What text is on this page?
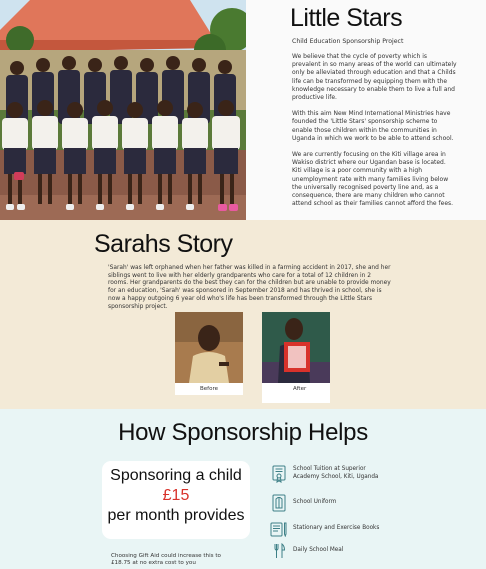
Little Stars
Child Education Sponsorship Project

We believe that the cycle of poverty which is prevalent in so many areas of the world can ultimately only be alleviated through education and that a Childs life can be transformed by equipping them with the knowledge necessary to enable them to live a full and productive life.

With this aim New Mind International Ministries have founded the 'Little Stars' sponsorship scheme to enable those children within the communities in Uganda in which we work to be able to attend school.

We are currently focusing on the Kiti village area in Wakiso district where our Ugandan base is located. Kiti village is a poor community with a high unemployment rate with many families living below the universally recognised poverty line and, as a consequence, there are many children who cannot attend school as their families cannot afford the fees.

Sarahs Story

'Sarah' was left orphaned when her father was killed in a farming accident in 2017, she and her siblings went to live with her elderly grandparents who care for a total of 12 children in 2 rooms. Her grandparents do the best they can for the children but are unable to provide money for an education, 'Sarah' was sponsored in September 2018 and has thrived in school, she is now a happy outgoing 6 year old who's life has been transformed through the Little Stars sponsorship project.

Before	After
How Sponsorship Helps
Sponsoring a child
£15
per month provides

Choosing Gift Aid could increase this to £18.75 at no extra cost to you

School Tuition at Superior Academy School, Kiti, Uganda
School Uniform
Stationary and Exercise Books
Daily School Meal
